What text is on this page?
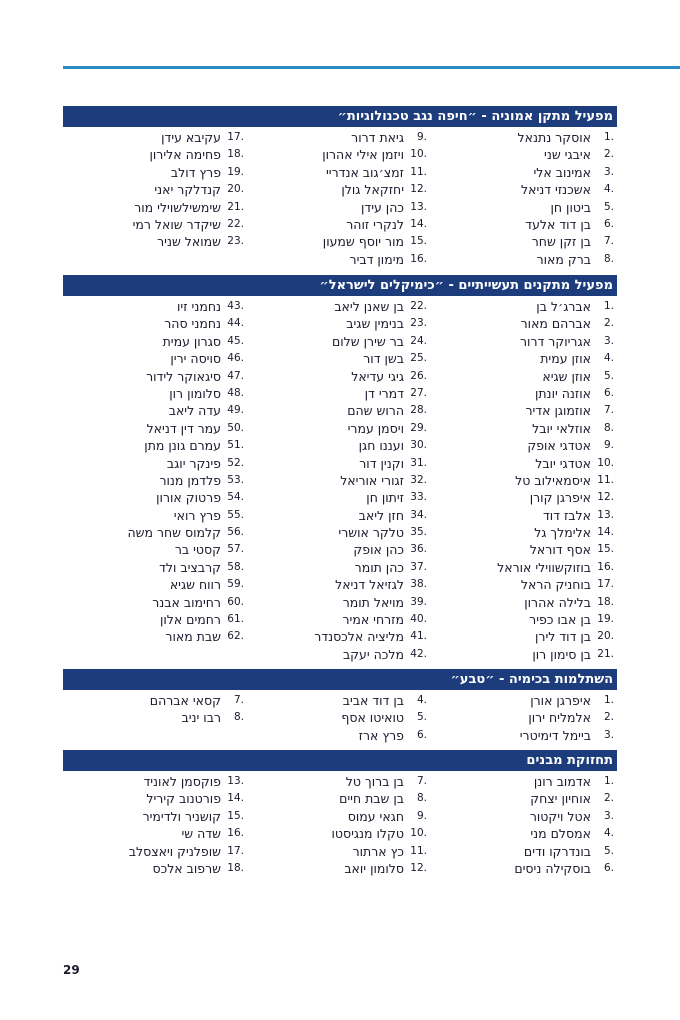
מפעיל מתקן אמוניה - ״חיפה נגב טכנולוגיות״
1.
אוסקר נתנאל
2.
איבגי שני
3.
אמינוב אלי
4.
אשכנזי דניאל
5.
ביטון חן
6.
בן דוד אלעד
7.
בן זקן שחר
8.
ברק מאור
9.
גיאת דרור
10.
ויזמן אילי אהרון
11.
זמצ׳גוב אנדריי
12.
יחזקאל גולן
13.
כהן עידן
14.
לנקרי זוהר
15.
מור יוסף שמעון
16.
מימון דביר
17.
עקיבא עידן
18.
פחימה אלירון
19.
פרץ דולב
20.
קנדלקר יאני
21.
שימשילשוילי מור
22.
שיקדר שואל רמי
23.
שמואל שניר
מפעיל מתקנים תעשייתיים - ״כימיקלים לישראל״
1.
אברג׳ל בן
2.
אברהם מאור
3.
אגריוקר דרור
4.
אוזן עמית
5.
אוזן שגיא
6.
אוזנה יונתן
7.
אוזמוגן אדיר
8.
אוזלאי יובל
9.
אטדגי אופק
10.
אטדגי יובל
11.
איסמאילוב טל
12.
איפרגן קורן
13.
אלבז דוד
14.
אלימלך גל
15.
אסף דוראל
16.
בוזוקשווילי אוראל
17.
בוחניק הראל
18.
בלילה אהרון
19.
בן אבו כפיר
20.
בן דוד לירן
21.
בן סימון רון
22.
בן שאנן ליאב
23.
בנימין שגיב
24.
בר שירן שלום
25.
בשן דור
26.
גיגי עדיאל
27.
דמרי דן
28.
הרוש שהם
29.
ויסמן עמרי
30.
ועננו חגן
31.
וקנין דור
32.
זגורי אוריאל
33.
זיתון חן
34.
חזן ליאב
35.
טלקר אושרי
36.
כהן אופק
37.
כהן תומר
38.
לגזיאל דניאל
39.
מויאל תומר
40.
מזרחי אמיר
41.
מליציה אלכסנדר
42.
מלכה יעקב
43.
נחמני זיו
44.
נחמני סהר
45.
סגרון עמית
46.
סויסה ירין
47.
סיגאוקר לידור
48.
סלומון רון
49.
עדה ליאב
50.
עמר דין דניאל
51.
עמרם גונן מתן
52.
פינקר יוגב
53.
פלדמן מנור
54.
פרטוק אורון
55.
פרץ רואי
56.
קלמוס שחר משה
57.
קסטי בר
58.
קרבציב ולד
59.
רווח שגיא
60.
רחימוב אבנר
61.
רחמים אלון
62.
שבת מאור
השתלמות בכימיה - ״טבע״
1.
איפרגן אורן
2.
אלמליח ירון
3.
ביימל דימיטרי
4.
בן דוד אביב
5.
טואיטו אסף
6.
פרץ ארז
7.
קסאי אברהם
8.
רבו יניב
תחזוקת מבנים
1.
אדמוב רונן
2.
אוחיון יצחק
3.
אטל ויקטור
4.
אמסלם מני
5.
בונדרקו ודים
6.
בוסקילה ניסים
7.
בן ברוך טל
8.
בן שבת חיים
9.
חגאי עמוס
10.
טקלו מנגיסטו
11.
כץ ארתור
12.
סלומון יואב
13.
פוקסמן לאוניד
14.
פורטנוב קיריל
15.
קושניר ולדימיר
16.
שדה שי
17.
שופלניק ויאצסלב
18.
שרפוב אלכס
29
